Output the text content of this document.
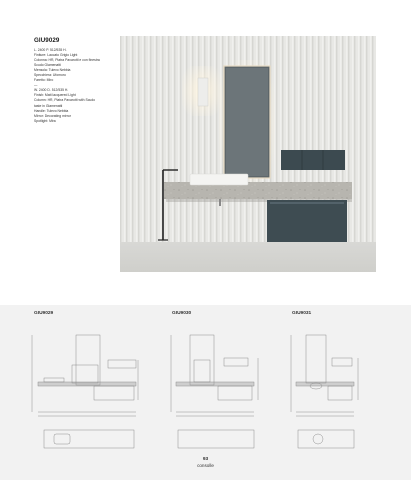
GIU9029
L. 2400 P. 512/535 H.
Finiture: Laccato Grigio Light
Colonna: HR, Piatra Pavarotti e con finestra
Scudo Glamenatti
Mensola: Tulevo Nebbia
Specchiera: Ufomoro
Faretto: Miro
—
W. 2400 D. 512/535 H.
Finish: Matt lacquered Light
Column: HR, Piatra Pavarotti with Scudo
taste in Glamenatti
Handle: Tulevo Nebbia
Mirror: Decorating mirror
Spotlight: Mira
GIU9029	GIU9030	GIU9031
93
consolle
